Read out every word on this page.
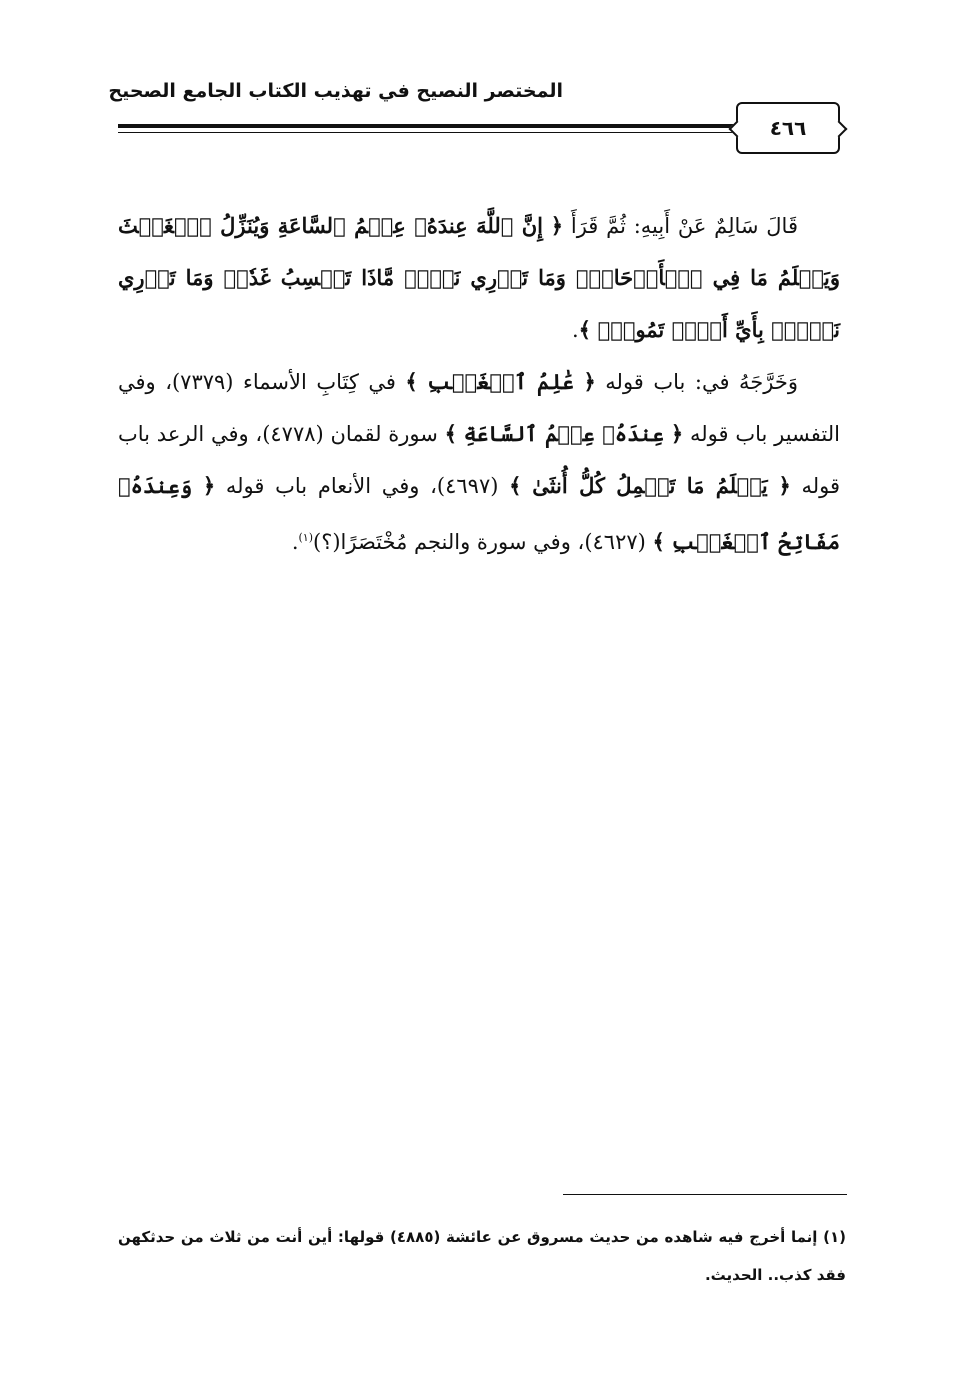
المختصر النصيح في تهذيب الكتاب الجامع الصحيح
٤٦٦

قَالَ سَالِمٌ عَنْ أَبِيهِ: ثُمَّ قَرَأَ ﴿ إِنَّ ٱللَّهَ عِندَهُۥ عِلۡمُ ٱلسَّاعَةِ وَيُنَزِّلُ ٱلۡغَيۡثَ وَيَعۡلَمُ مَا فِي ٱلۡأَرۡحَامِۖ وَمَا تَدۡرِي نَفۡسٞ مَّاذَا تَكۡسِبُ غَدٗاۖ وَمَا تَدۡرِي نَفۡسُۢ بِأَيِّ أَرۡضٖ تَمُوتُۚ ﴾.

وَخَرَّجَهُ في: باب قوله ﴿ عَٰلِمُ ٱلۡغَيۡبِ ﴾ في كِتَابِ الأسماء (٧٣٧٩)، وفي التفسير باب قوله ﴿ عِندَهُۥ عِلۡمُ ٱلسَّاعَةِ ﴾ سورة لقمان (٤٧٧٨)، وفي الرعد باب قوله ﴿ يَعۡلَمُ مَا تَحۡمِلُ كُلُّ أُنثَىٰ ﴾ (٤٦٩٧)، وفي الأنعام باب قوله ﴿ وَعِندَهُۥ مَفَاتِحُ ٱلۡغَيۡبِ ﴾ (٤٦٢٧)، وفي سورة والنجم مُخْتَصَرًا(؟)$^{(١)}$.

(١) إنما أخرج فيه شاهده من حديث مسروق عن عائشة (٤٨٨٥) قولها: أين أنت من ثلاث من حدثكهن فقد كذب.. الحديث.
